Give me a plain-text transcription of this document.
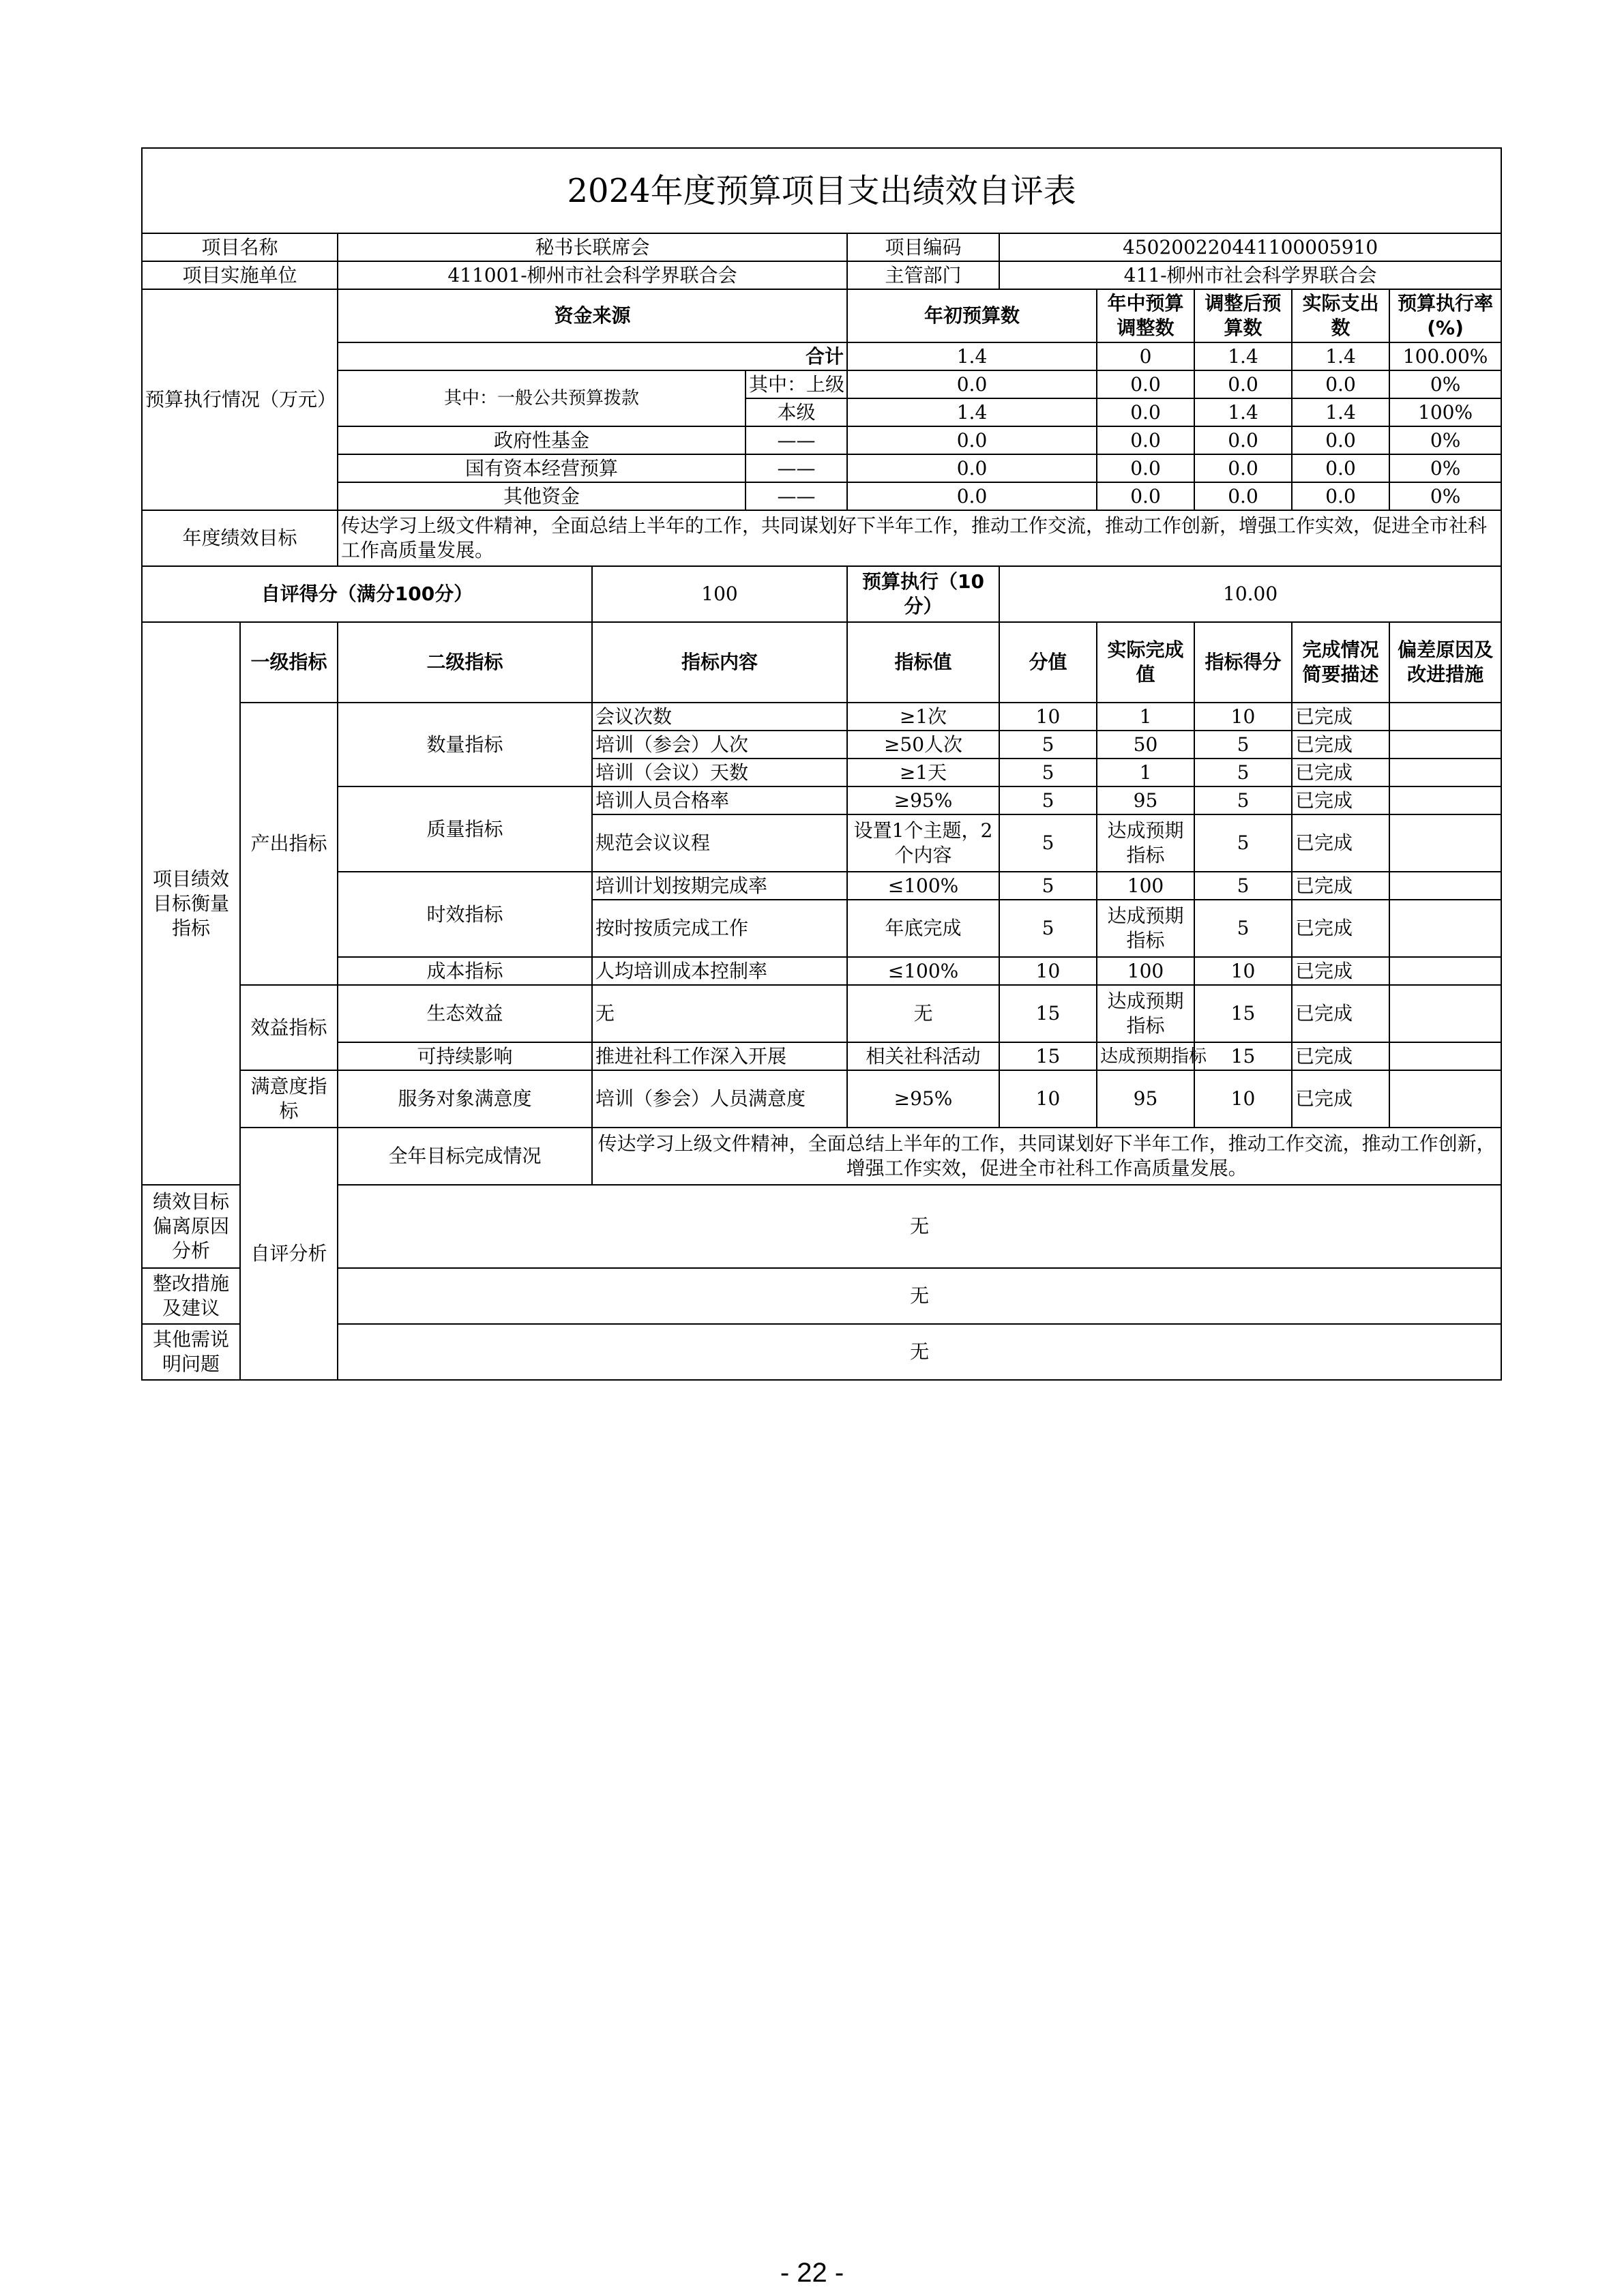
2024年度预算项目支出绩效自评表										
项目名称		秘书长联席会			项目编码	450200220441100005910				
项目实施单位		411001-柳州市社会科学界联合会			主管部门	411-柳州市社会科学界联合会				
预算执行情况（万元）		资金来源			年初预算数		年中预算调整数	调整后预算数	实际支出数	预算执行率(%)
		合计			1.4		0	1.4	1.4	100.00%
		其中：一般公共预算拨款		其中：上级	0.0		0.0	0.0	0.0	0%
				本级	1.4		0.0	1.4	1.4	100%
		政府性基金		——	0.0		0.0	0.0	0.0	0%
		国有资本经营预算		——	0.0		0.0	0.0	0.0	0%
		其他资金		——	0.0		0.0	0.0	0.0	0%
年度绩效目标		传达学习上级文件精神，全面总结上半年的工作，共同谋划好下半年工作，推动工作交流，推动工作创新，增强工作实效，促进全市社科工作高质量发展。								
自评得分（满分100分）			100		预算执行（10分）	10.00				
项目绩效目标衡量指标	一级指标	二级指标	指标内容		指标值	分值	实际完成值	指标得分	完成情况简要描述	偏差原因及改进措施
	产出指标	数量指标	会议次数		≥1次	10	1	10	已完成	
			培训（参会）人次		≥50人次	5	50	5	已完成	
			培训（会议）天数		≥1天	5	1	5	已完成	
		质量指标	培训人员合格率		≥95%	5	95	5	已完成	
			规范会议议程		设置1个主题，2个内容	5	达成预期指标	5	已完成	
		时效指标	培训计划按期完成率		≤100%	5	100	5	已完成	
			按时按质完成工作		年底完成	5	达成预期指标	5	已完成	
		成本指标	人均培训成本控制率		≤100%	10	100	10	已完成	
	效益指标	生态效益	无		无	15	达成预期指标	15	已完成	
		可持续影响	推进社科工作深入开展		相关社科活动	15	达成预期指标	15	已完成	
	满意度指标	服务对象满意度	培训（参会）人员满意度		≥95%	10	95	10	已完成	
	自评分析	全年目标完成情况	传达学习上级文件精神，全面总结上半年的工作，共同谋划好下半年工作，推动工作交流，推动工作创新，增强工作实效，促进全市社科工作高质量发展。							
绩效目标偏离原因分析		无								
整改措施及建议		无								
其他需说明问题		无								
- 22 -
